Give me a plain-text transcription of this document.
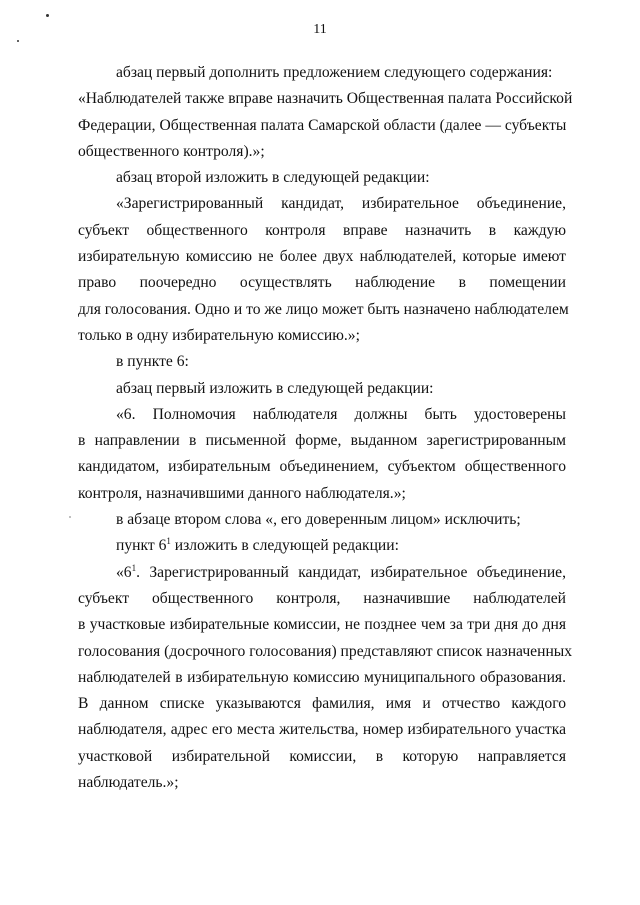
11
абзац первый дополнить предложением следующего содержания:
«Наблюдателей также вправе назначить Общественная палата Российской
Федерации, Общественная палата Самарской области (далее — субъекты
общественного контроля).»;
абзац второй изложить в следующей редакции:
«Зарегистрированный кандидат, избирательное объединение,
субъект общественного контроля вправе назначить в каждую
избирательную комиссию не более двух наблюдателей, которые имеют
право поочередно осуществлять наблюдение в помещении
для голосования. Одно и то же лицо может быть назначено наблюдателем
только в одну избирательную комиссию.»;
в пункте 6:
абзац первый изложить в следующей редакции:
«6. Полномочия наблюдателя должны быть удостоверены
в направлении в письменной форме, выданном зарегистрированным
кандидатом, избирательным объединением, субъектом общественного
контроля, назначившими данного наблюдателя.»;
в абзаце втором слова «, его доверенным лицом» исключить;
пункт $6^1$ изложить в следующей редакции:
«$6^1$. Зарегистрированный кандидат, избирательное объединение,
субъект общественного контроля, назначившие наблюдателей
в участковые избирательные комиссии, не позднее чем за три дня до дня
голосования (досрочного голосования) представляют список назначенных
наблюдателей в избирательную комиссию муниципального образования.
В данном списке указываются фамилия, имя и отчество каждого
наблюдателя, адрес его места жительства, номер избирательного участка
участковой избирательной комиссии, в которую направляется
наблюдатель.»;
